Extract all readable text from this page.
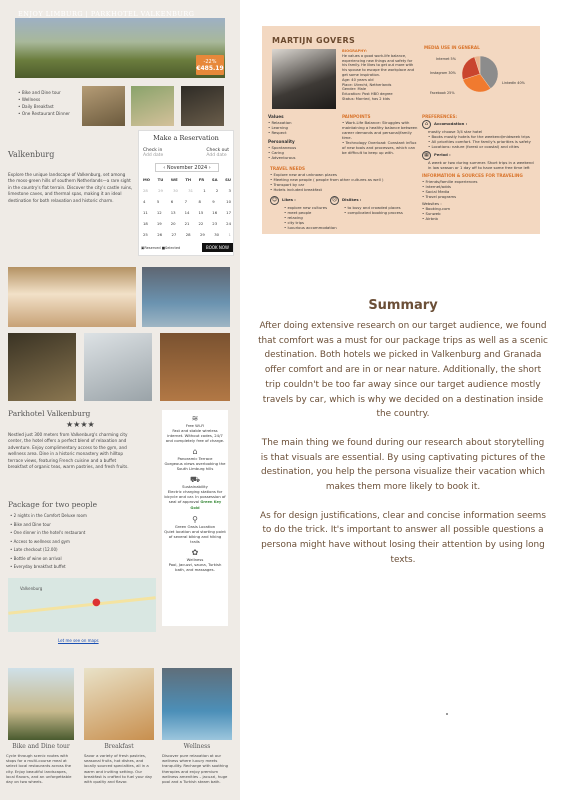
ENJOY LIMBURG | PARKHOTEL VALKENBURG
-22%
€485.19
• Bike and Dine tour
• Wellness
• Daily Breakfast
• One Restaurant Dinner
Valkenburg
Explore the unique landscape of Valkenburg, set among the moss-green hills of southern Netherlands—a rare sight in the country's flat terrain. Discover the city's castle ruins, limestone caves, and thermal spas, making it an ideal destination for both relaxation and historic charm.
Make a Reservation
Check in
Add date
Check out
Add date
‹ November 2024 ›
MO TU WE TH FR SA SU
28	29	30	31	1	2	3
4	5	6	7	8	9	10
11 12 13 14 15 16 17
18 19 20 21 22 23 24
25 26 27 28 29 30 1
▣Reserved ■Selected	BOOK NOW
Parkhotel Valkenburg
★★★★
Nestled just 300 meters from Valkenburg's charming city center, the hotel offers a perfect blend of relaxation and adventure. Enjoy complimentary access to the gym, and wellness area. Dine in a historic monastery with hilltop terrace views, featuring French cuisine and a buffet breakfast of organic teas, warm pastries, and fresh fruits.
Package for two people
• 2 nights in the Comfort Deluxe room
• Bike and Dine tour
• One dinner in the hotel's restaurant
• Access to wellness and gym
• Late checkout (12.00)
• Bottle of wine on arrival
• Everyday breakfast buffet
≋
Free Wi-Fi
Fast and stable wireless internet. Without codes, 24/7 and completely free of charge.
⌂
Panoramic Terrace
Gorgeous views overlooking the South Limburg hills
⛟
Sustainability
Electric charging stations for bicycle and car. In possession of seal of approval Green Key Gold
⚲
Green Oasis Location
Quiet location and starting point of several biking and hiking trails
✿
Wellness
Pool, Jacuzzi, sauna, Turkish bath, and massages.
Valkenburg
●
Let me see on maps
Bike and Dine tour	Breakfast	Wellness
Cycle through scenic routes with stops for a multi-course meal at select local restaurants across the city. Enjoy beautiful landscapes, local flavors, and an unforgettable day on two wheels.
Savor a variety of fresh pastries, seasonal fruits, hot dishes, and locally sourced specialties, all in a warm and inviting setting. Our breakfast is crafted to fuel your day with quality and flavor.
Discover pure relaxation at our wellness where luxury meets tranquility. Recharge with soothing therapies and enjoy premium wellness amenities – jacuzzi, huge pool and a Turkish steam bath.
MARTIJN GOVERS
BIOGRAPHY:
He values a good work-life balance, experiencing new things and safety for his family. He likes to get out more with his spouse to escape the workplace and get some inspiration.
Age: 40 years old
Place: Utrecht, Netherlands
Gender: Male
Education: Post HBO degree
Status: Married, has 2 kids
MEDIA USE IN GENERAL
LinkedIn 40%
Internet 5%
Instagram 30%
Facebook 25%
Values
• Relaxation
• Learning
• Respect
Personality
• Spontaneous
• Caring
• Adventurous
PAINPOINTS
• Work-Life Balance: Struggles with maintaining a healthy balance between career demands and personal/family time.
• Technology Overload: Constant influx of new tools and processes, which can be difficult to keep up with.
TRAVEL NEEDS
• Explore new and unknown places
• Meeting new people ( people from other cultures as well )
• Transport by car
• Hotels included breakfast
☺ Likes :
• explore new cultures
• meet people
• relaxing
• city trips
• luxurious accommodation
☹ Dislikes :
• to busy and crowded places
• complicated booking process
PREFERENCES:
⌂ Accomodation :
mostly choose 3/4 star hotel
• Books mostly hotels for the weekend/midweek trips
• All priorities comfort. The family's priorities is safety
• Locations: nature (forest or coastal) and cities
▦ Period :
A week or two during summer. Short trips in a weekend in low season or 1 day off to have some free time left
INFORMATION & SOURCES FOR TRAVELING
• Friends/familie experiences
• Internet/adds
• Social Media
• Travel programs
Websites :
• Booking.com
• Sunweb
• Airbnb
Summary

After doing extensive research on our target audience, we found that comfort was a must for our package trips as well as a scenic destination. Both hotels we picked in Valkenburg and Granada offer comfort and are in or near nature. Additionally, the short trip couldn't be too far away since our target audience mostly travels by car, which is why we decided on a destination inside the country.

The main thing we found during our research about storytelling is that visuals are essential. By using captivating pictures of the destination, you help the persona visualize their vacation which makes them more likely to book it.

As for design justifications, clear and concise information seems to do the trick. It's important to answer all possible questions a persona might have without losing their attention by using long texts.
